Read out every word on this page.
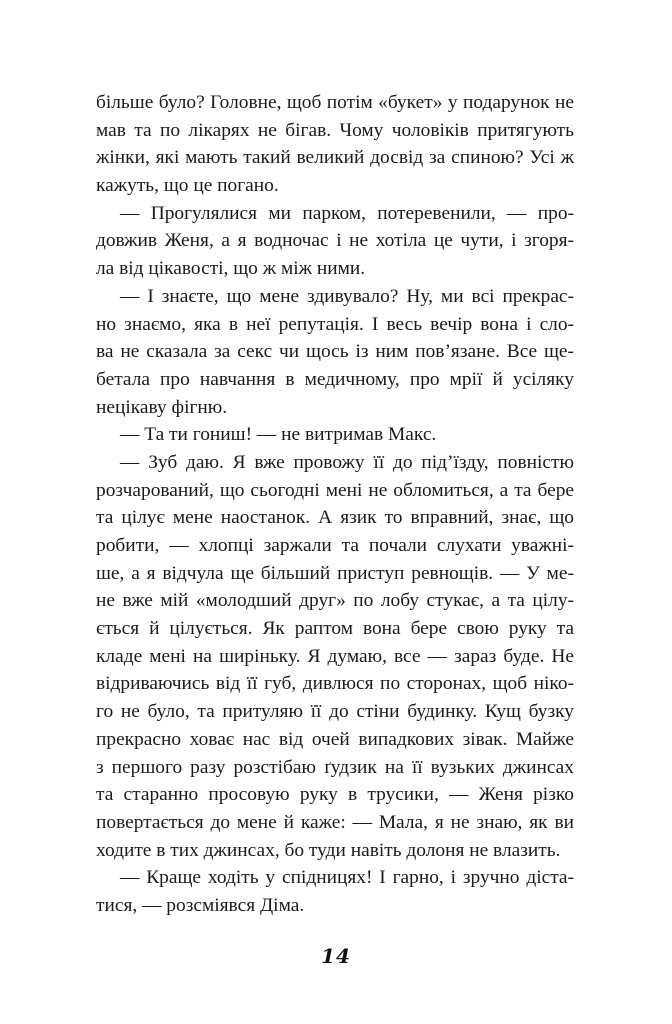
більше було? Головне, щоб потім «букет» у подарунок не
мав та по лікарях не бігав. Чому чоловіків притягують
жінки, які мають такий великий досвід за спиною? Усі ж
кажуть, що це погано.
— Прогулялися ми парком, потеревенили, — про-
довжив Женя, а я водночас і не хотіла це чути, і згоря-
ла від цікавості, що ж між ними.
— І знаєте, що мене здивувало? Ну, ми всі прекрас-
но знаємо, яка в неї репутація. І весь вечір вона і сло-
ва не сказала за секс чи щось із ним пов’язане. Все ще-
бетала про навчання в медичному, про мрії й усіляку
нецікаву фігню.
— Та ти гониш! — не витримав Макс.
— Зуб даю. Я вже провожу її до під’їзду, повністю
розчарований, що сьогодні мені не обломиться, а та бере
та цілує мене наостанок. А язик то вправний, знає, що
робити, — хлопці заржали та почали слухати уважні-
ше, а я відчула ще більший приступ ревнощів. — У ме-
не вже мій «молодший друг» по лобу стукає, а та цілу-
ється й цілується. Як раптом вона бере свою руку та
кладе мені на ширіньку. Я думаю, все — зараз буде. Не
відриваючись від її губ, дивлюся по сторонах, щоб ніко-
го не було, та притуляю її до стіни будинку. Кущ бузку
прекрасно ховає нас від очей випадкових зівак. Майже
з першого разу розстібаю ґудзик на її вузьких джинсах
та старанно просовую руку в трусики, — Женя різко
повертається до мене й каже: — Мала, я не знаю, як ви
ходите в тих джинсах, бо туди навіть долоня не влазить.
— Краще ходіть у спідницях! І гарно, і зручно діста-
тися, — розсміявся Діма.
14
